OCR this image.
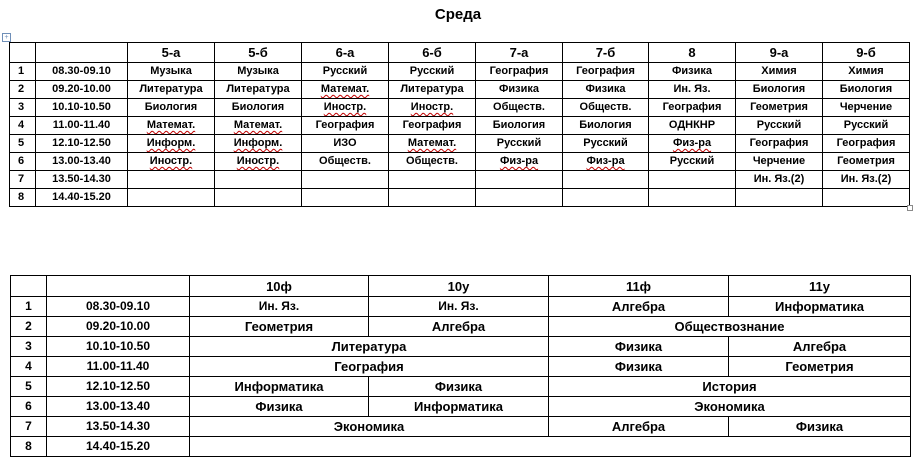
Среда
+
		5-а	5-б	6-а	6-б	7-а	7-б	8	9-а	9-б
1	08.30-09.10	Музыка	Музыка	Русский	Русский	География	География	Физика	Химия	Химия
2	09.20-10.00	Литература	Литература	Математ.	Литература	Физика	Физика	Ин. Яз.	Биология	Биология
3	10.10-10.50	Биология	Биология	Иностр.	Иностр.	Обществ.	Обществ.	География	Геометрия	Черчение
4	11.00-11.40	Математ.	Математ.	География	География	Биология	Биология	ОДНКНР	Русский	Русский
5	12.10-12.50	Информ.	Информ.	ИЗО	Математ.	Русский	Русский	Физ-ра	География	География
6	13.00-13.40	Иностр.	Иностр.	Обществ.	Обществ.	Физ-ра	Физ-ра	Русский	Черчение	Геометрия
7	13.50-14.30								Ин. Яз.(2)	Ин. Яз.(2)
8	14.40-15.20									
		10ф	10у	11ф	11у
1	08.30-09.10	Ин. Яз.	Ин. Яз.	Алгебра	Информатика
2	09.20-10.00	Геометрия	Алгебра	Обществознание	
3	10.10-10.50	Литература		Физика	Алгебра
4	11.00-11.40	География		Физика	Геометрия
5	12.10-12.50	Информатика	Физика	История	
6	13.00-13.40	Физика	Информатика	Экономика	
7	13.50-14.30	Экономика		Алгебра	Физика
8	14.40-15.20				
